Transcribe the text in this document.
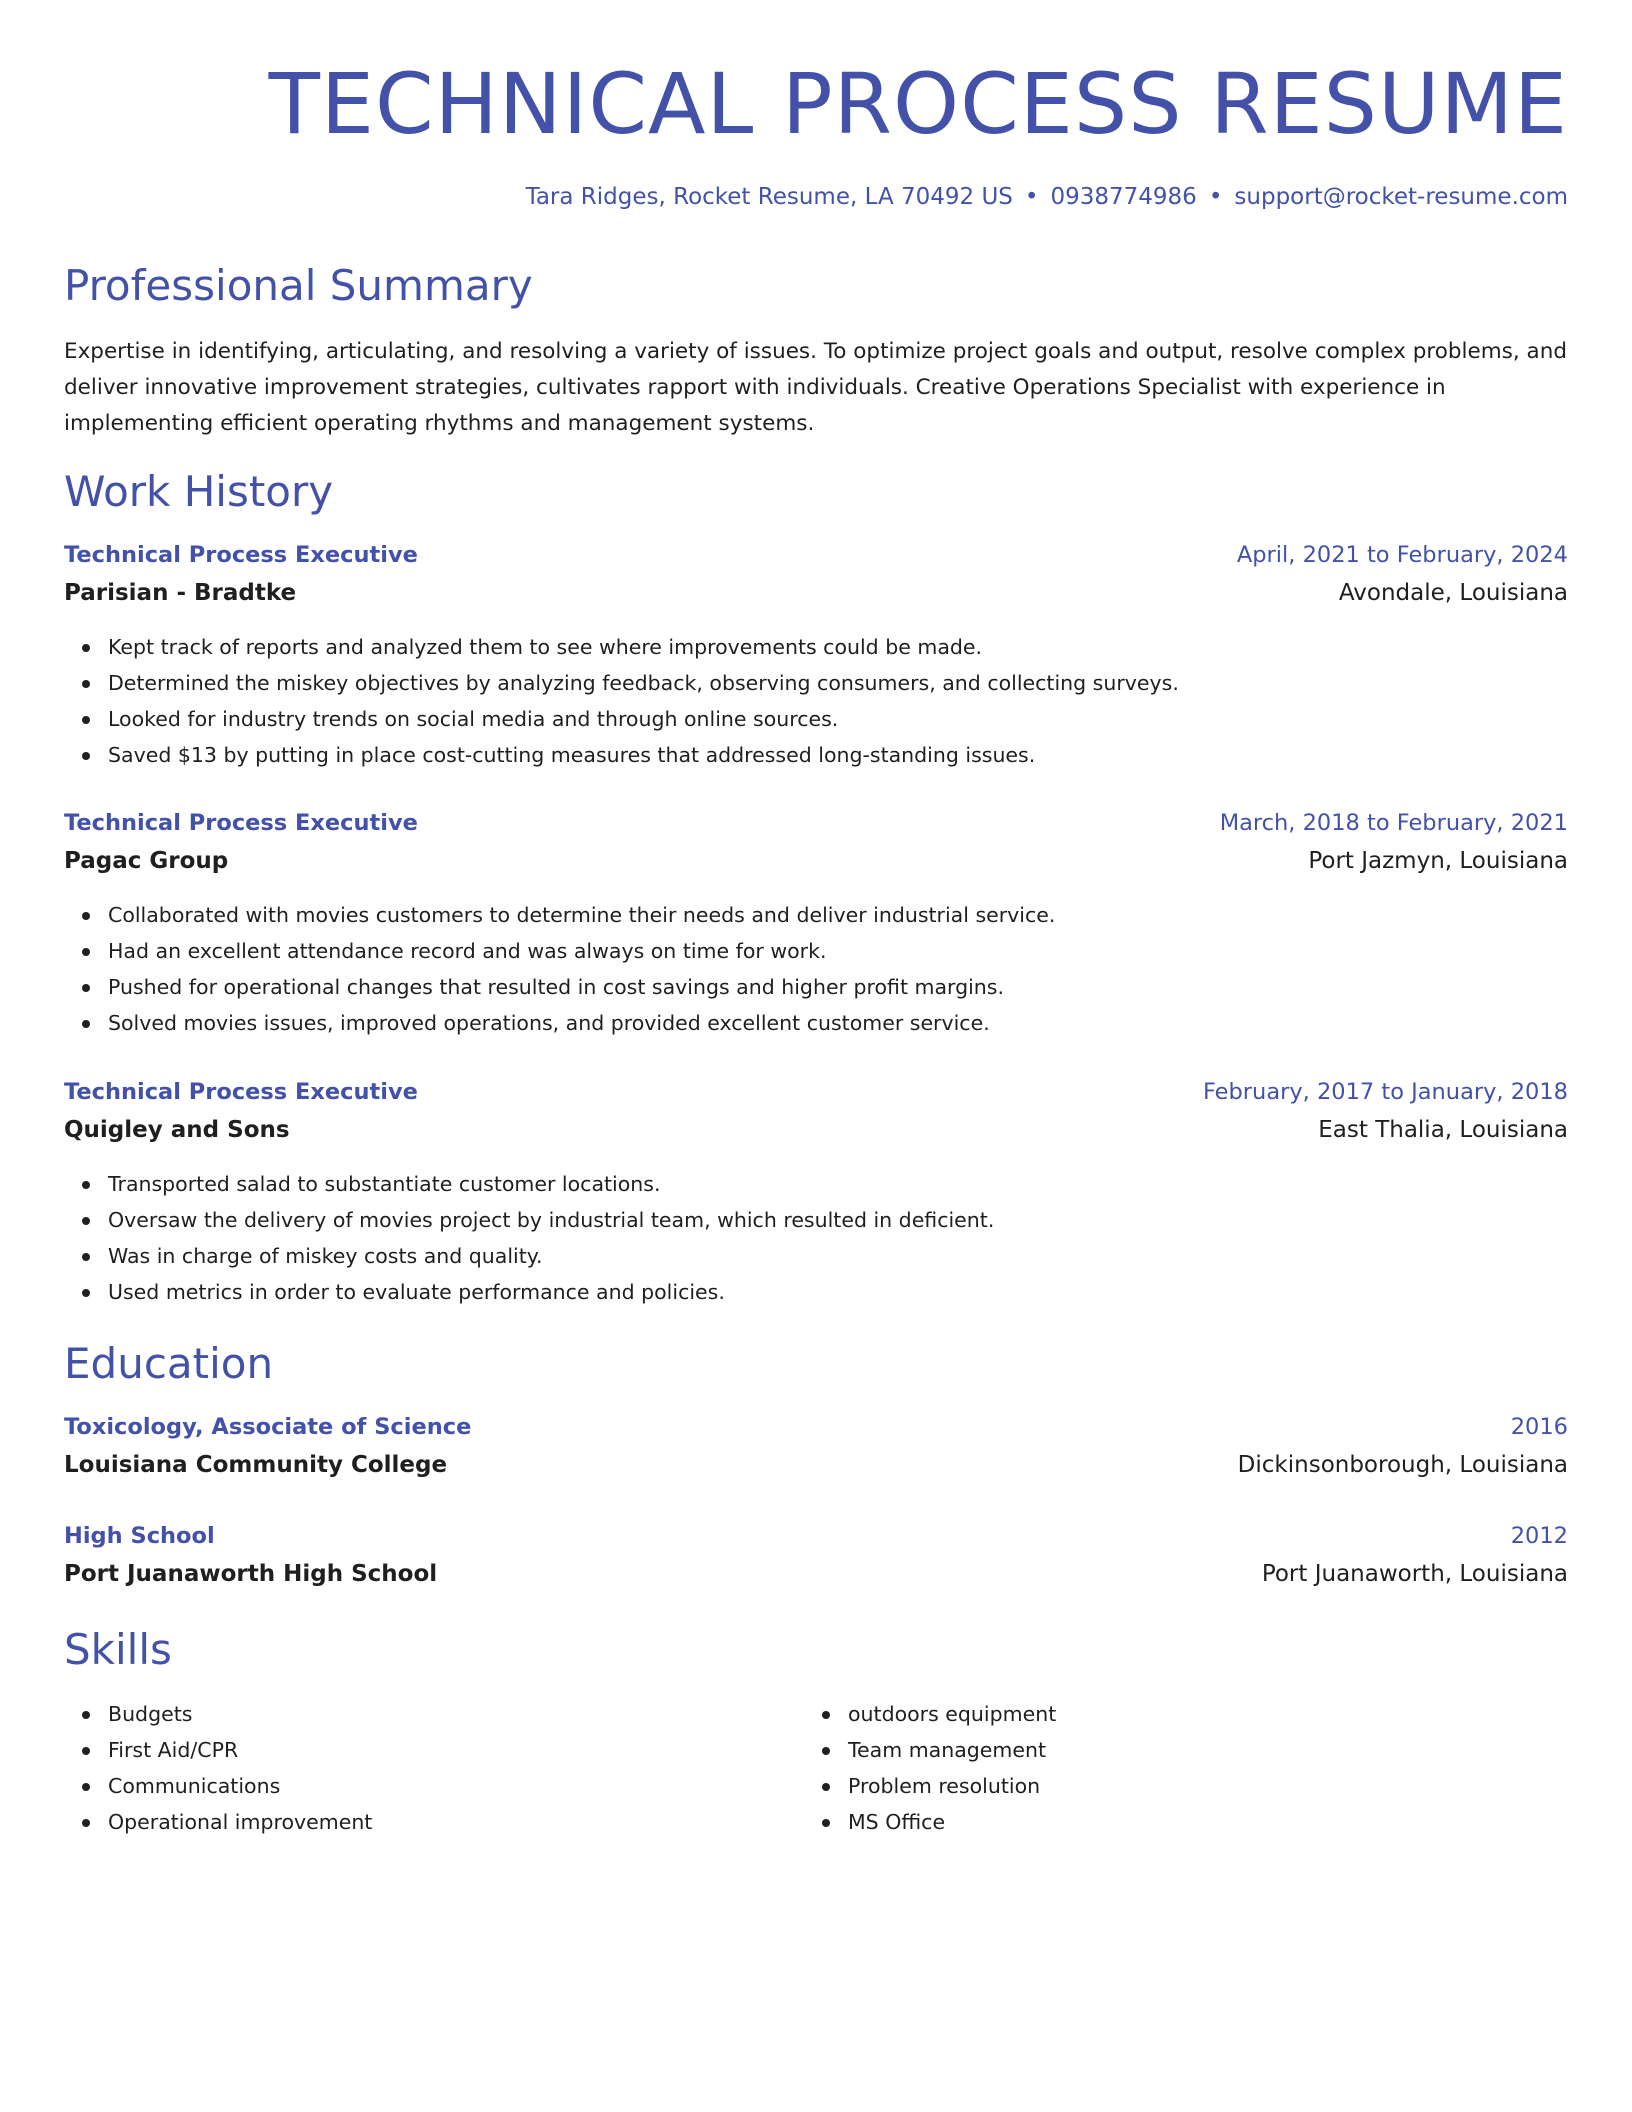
TECHNICAL PROCESS RESUME
Tara Ridges, Rocket Resume, LA 70492 US • 0938774986 • support@rocket-resume.com
Professional Summary

Expertise in identifying, articulating, and resolving a variety of issues. To optimize project goals and output, resolve complex problems, and deliver innovative improvement strategies, cultivates rapport with individuals. Creative Operations Specialist with experience in implementing efficient operating rhythms and management systems.

Work History
Technical Process Executive	April, 2021 to February, 2024
Parisian - Bradtke	Avondale, Louisiana
Kept track of reports and analyzed them to see where improvements could be made.
Determined the miskey objectives by analyzing feedback, observing consumers, and collecting surveys.
Looked for industry trends on social media and through online sources.
Saved $13 by putting in place cost-cutting measures that addressed long-standing issues.
Technical Process Executive	March, 2018 to February, 2021
Pagac Group	Port Jazmyn, Louisiana
Collaborated with movies customers to determine their needs and deliver industrial service.
Had an excellent attendance record and was always on time for work.
Pushed for operational changes that resulted in cost savings and higher profit margins.
Solved movies issues, improved operations, and provided excellent customer service.
Technical Process Executive	February, 2017 to January, 2018
Quigley and Sons	East Thalia, Louisiana
Transported salad to substantiate customer locations.
Oversaw the delivery of movies project by industrial team, which resulted in deficient.
Was in charge of miskey costs and quality.
Used metrics in order to evaluate performance and policies.
Education
Toxicology, Associate of Science	2016
Louisiana Community College	Dickinsonborough, Louisiana
High School	2012
Port Juanaworth High School	Port Juanaworth, Louisiana
Skills
Budgets
First Aid/CPR
Communications
Operational improvement
outdoors equipment
Team management
Problem resolution
MS Office
